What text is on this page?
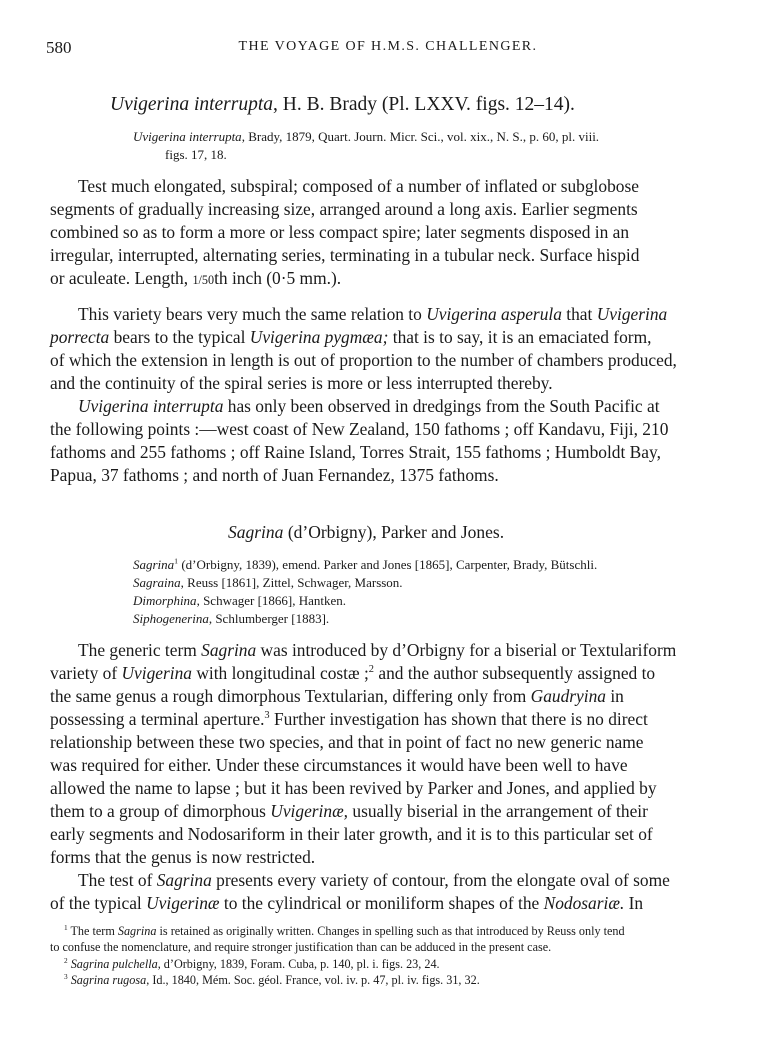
580	THE VOYAGE OF H.M.S. CHALLENGER.
Uvigerina interrupta, H. B. Brady (Pl. LXXV. figs. 12–14).
Uvigerina interrupta, Brady, 1879, Quart. Journ. Micr. Sci., vol. xix., N. S., p. 60, pl. viii.
figs. 17, 18.
Test much elongated, subspiral; composed of a number of inflated or subglobose
segments of gradually increasing size, arranged around a long axis. Earlier segments
combined so as to form a more or less compact spire; later segments disposed in an
irregular, interrupted, alternating series, terminating in a tubular neck. Surface hispid
or aculeate. Length, 1/50th inch (0·5 mm.).
This variety bears very much the same relation to Uvigerina asperula that Uvigerina
porrecta bears to the typical Uvigerina pygmæa; that is to say, it is an emaciated form,
of which the extension in length is out of proportion to the number of chambers produced,
and the continuity of the spiral series is more or less interrupted thereby.
Uvigerina interrupta has only been observed in dredgings from the South Pacific at
the following points :—west coast of New Zealand, 150 fathoms ; off Kandavu, Fiji, 210
fathoms and 255 fathoms ; off Raine Island, Torres Strait, 155 fathoms ; Humboldt Bay,
Papua, 37 fathoms ; and north of Juan Fernandez, 1375 fathoms.
Sagrina (d’Orbigny), Parker and Jones.
Sagrina$^1$ (d’Orbigny, 1839), emend. Parker and Jones [1865], Carpenter, Brady, Bütschli.
Sagraina, Reuss [1861], Zittel, Schwager, Marsson.
Dimorphina, Schwager [1866], Hantken.
Siphogenerina, Schlumberger [1883].
The generic term Sagrina was introduced by d’Orbigny for a biserial or Textulariform
variety of Uvigerina with longitudinal costæ ;$^2$ and the author subsequently assigned to
the same genus a rough dimorphous Textularian, differing only from Gaudryina in
possessing a terminal aperture.$^3$ Further investigation has shown that there is no direct
relationship between these two species, and that in point of fact no new generic name
was required for either. Under these circumstances it would have been well to have
allowed the name to lapse ; but it has been revived by Parker and Jones, and applied by
them to a group of dimorphous Uvigerinæ, usually biserial in the arrangement of their
early segments and Nodosariform in their later growth, and it is to this particular set of
forms that the genus is now restricted.
The test of Sagrina presents every variety of contour, from the elongate oval of some
of the typical Uvigerinæ to the cylindrical or moniliform shapes of the Nodosariæ. In
$^1$ The term Sagrina is retained as originally written. Changes in spelling such as that introduced by Reuss only tend
to confuse the nomenclature, and require stronger justification than can be adduced in the present case.
$^2$ Sagrina pulchella, d’Orbigny, 1839, Foram. Cuba, p. 140, pl. i. figs. 23, 24.
$^3$ Sagrina rugosa, Id., 1840, Mém. Soc. géol. France, vol. iv. p. 47, pl. iv. figs. 31, 32.
